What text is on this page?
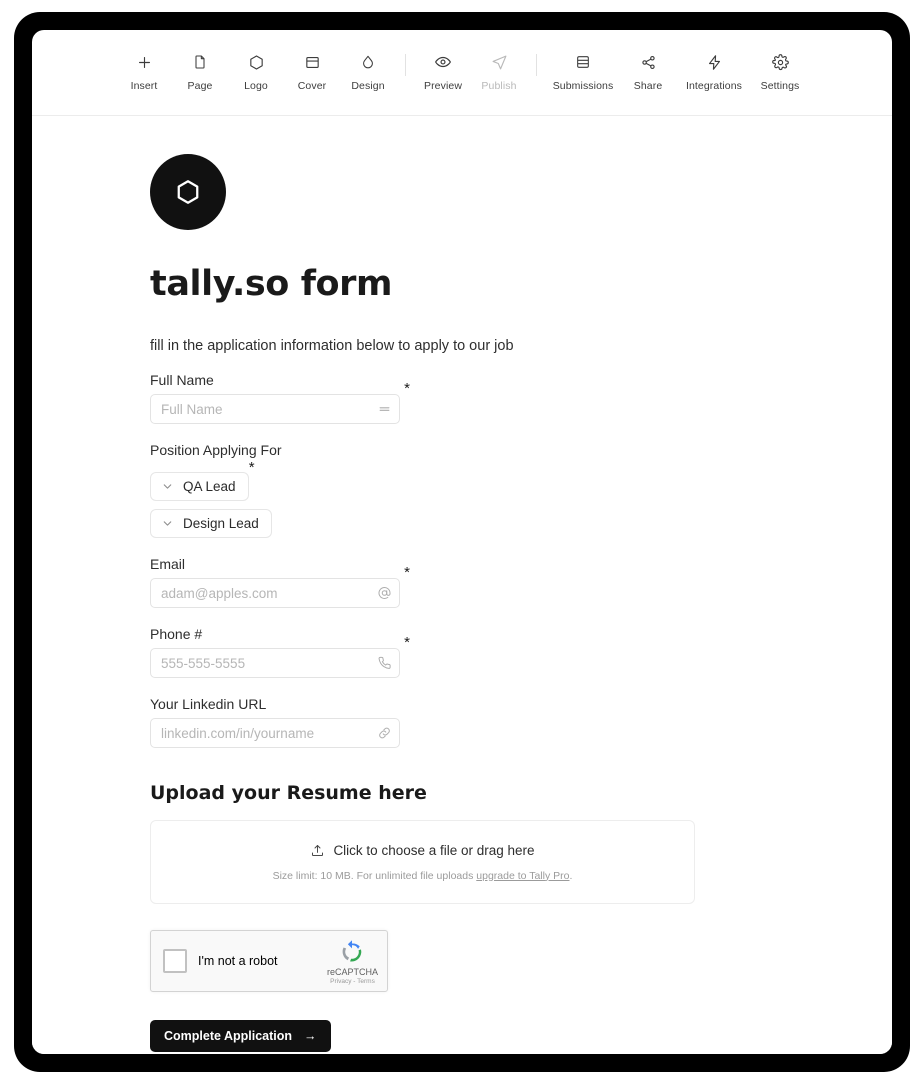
Insert	Page	Logo	Cover Design	Preview Publish	Submissions Share Integrations Settings
tally.so form

fill in the application information below to apply to our job

Full Name	*
Full Name
Position Applying For
*
QA Lead
Design Lead
Email	*
adam@apples.com
Phone #	*
555-555-5555
Your Linkedin URL
linkedin.com/in/yourname
Upload your Resume here
Click to choose a file or drag here
Size limit: 10 MB. For unlimited file uploads upgrade to Tally Pro.
I'm not a robot
reCAPTCHA
Privacy - Terms
Complete Application →
